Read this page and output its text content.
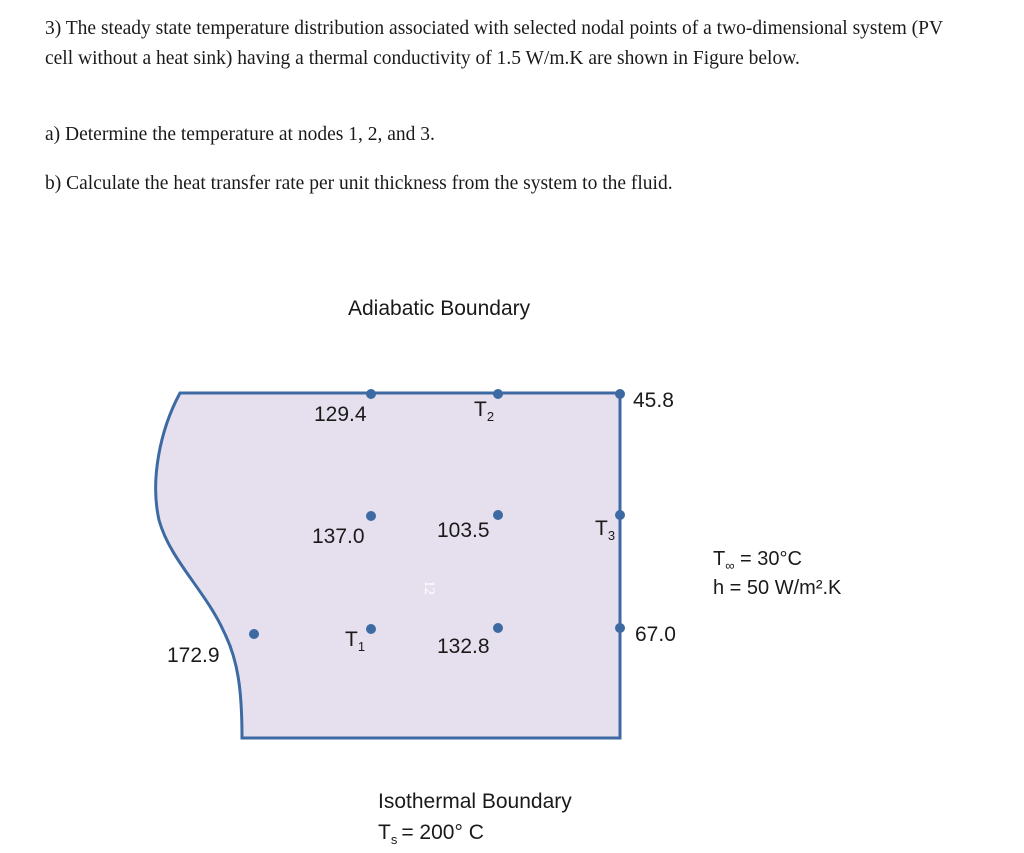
3) The steady state temperature distribution associated with selected nodal points of a two-dimensional system (PV cell without a heat sink) having a thermal conductivity of 1.5 W/m.K are shown in Figure below.
a) Determine the temperature at nodes 1, 2, and 3.
b) Calculate the heat transfer rate per unit thickness from the system to the fluid.
Adiabatic Boundary
Isothermal Boundary
$T_s = 200^\circ$ C
129.4
45.8
137.0	103.5
67.0
172.9	132.8
$T_2$
$T_3$
$T_1$
12
$T_\infty = 30^\circ C$
h = 50 W/m².K
